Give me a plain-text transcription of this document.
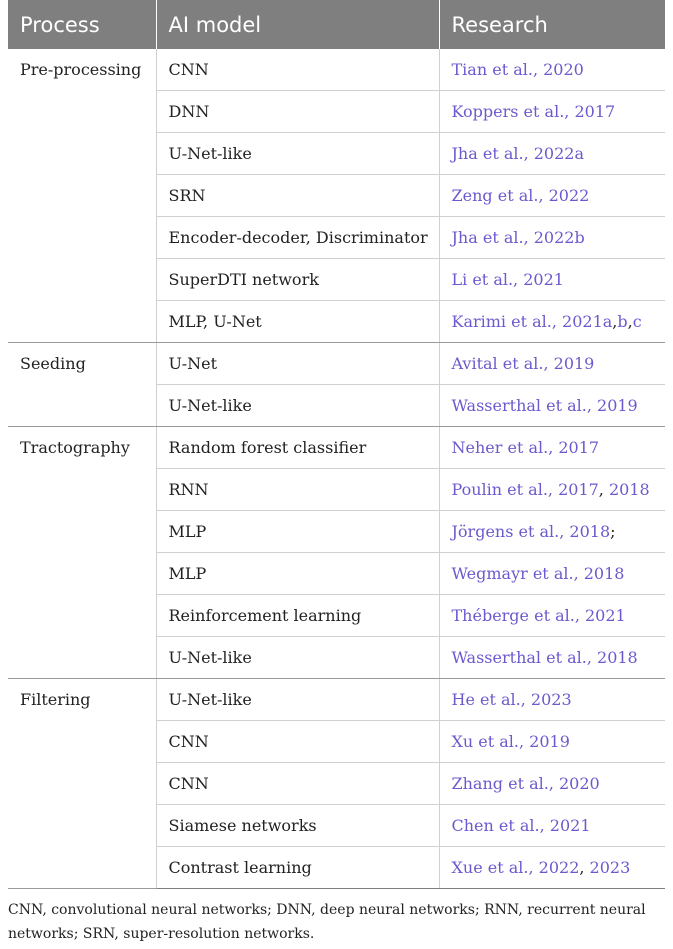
Process	AI model	Research
Pre-processing	CNN	Tian et al., 2020
	DNN	Koppers et al., 2017
	U-Net-like	Jha et al., 2022a
	SRN	Zeng et al., 2022
	Encoder-decoder, Discriminator	Jha et al., 2022b
	SuperDTI network	Li et al., 2021
	MLP, U-Net	Karimi et al., 2021a,b,c
Seeding	U-Net	Avital et al., 2019
	U-Net-like	Wasserthal et al., 2019
Tractography	Random forest classifier	Neher et al., 2017
	RNN	Poulin et al., 2017, 2018
	MLP	Jörgens et al., 2018;
	MLP	Wegmayr et al., 2018
	Reinforcement learning	Théberge et al., 2021
	U-Net-like	Wasserthal et al., 2018
Filtering	U-Net-like	He et al., 2023
	CNN	Xu et al., 2019
	CNN	Zhang et al., 2020
	Siamese networks	Chen et al., 2021
	Contrast learning	Xue et al., 2022, 2023
CNN, convolutional neural networks; DNN, deep neural networks; RNN, recurrent neural networks; SRN, super-resolution networks.
